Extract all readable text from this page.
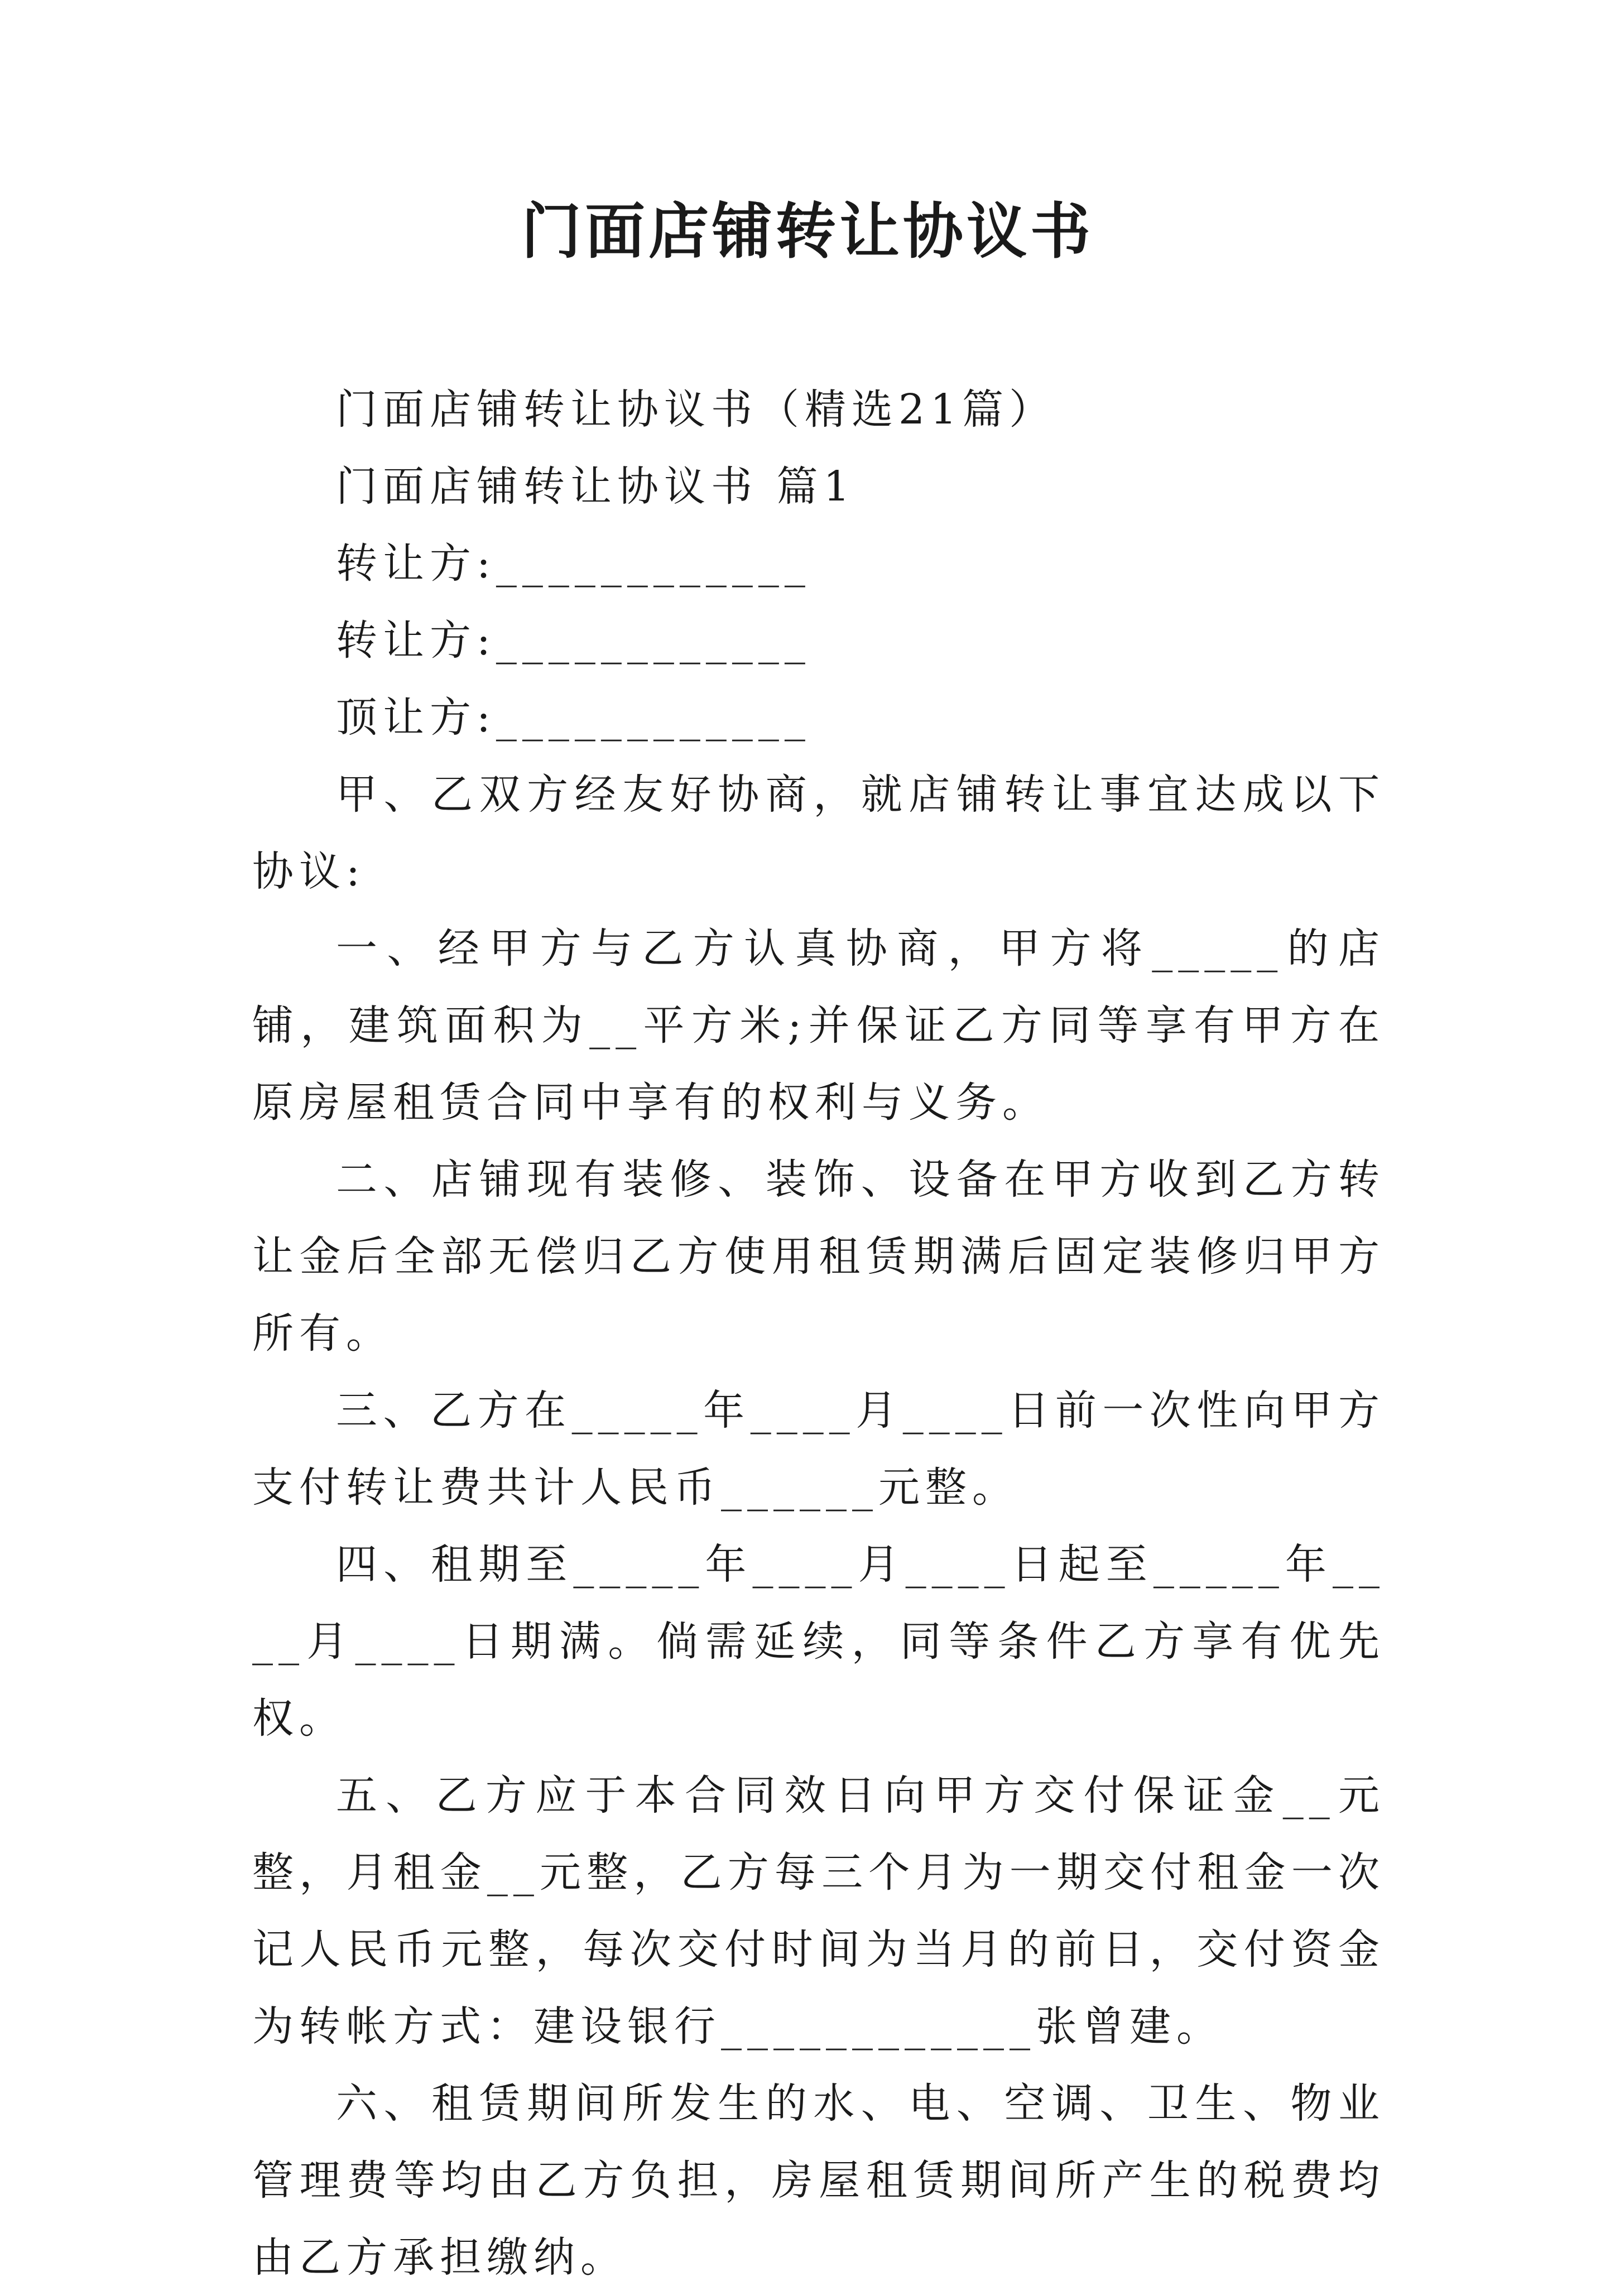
门面店铺转让协议书

门面店铺转让协议书（精选21篇）

门面店铺转让协议书 篇1

转让方:____________

转让方:____________

顶让方:____________

甲、乙双方经友好协商，就店铺转让事宜达成以下协议:

一、经甲方与乙方认真协商，甲方将_____的店铺，建筑面积为__平方米;并保证乙方同等享有甲方在原房屋租赁合同中享有的权利与义务。

二、店铺现有装修、装饰、设备在甲方收到乙方转让金后全部无偿归乙方使用租赁期满后固定装修归甲方所有。

三、乙方在_____年____月____日前一次性向甲方支付转让费共计人民币______元整。

四、租期至_____年____月____日起至_____年____月____日期满。倘需延续，同等条件乙方享有优先权。

五、乙方应于本合同效日向甲方交付保证金__元整，月租金__元整，乙方每三个月为一期交付租金一次记人民币元整，每次交付时间为当月的前日，交付资金为转帐方式：建设银行____________张曾建。

六、租赁期间所发生的水、电、空调、卫生、物业管理费等均由乙方负担，房屋租赁期间所产生的税费均由乙方承担缴纳。
